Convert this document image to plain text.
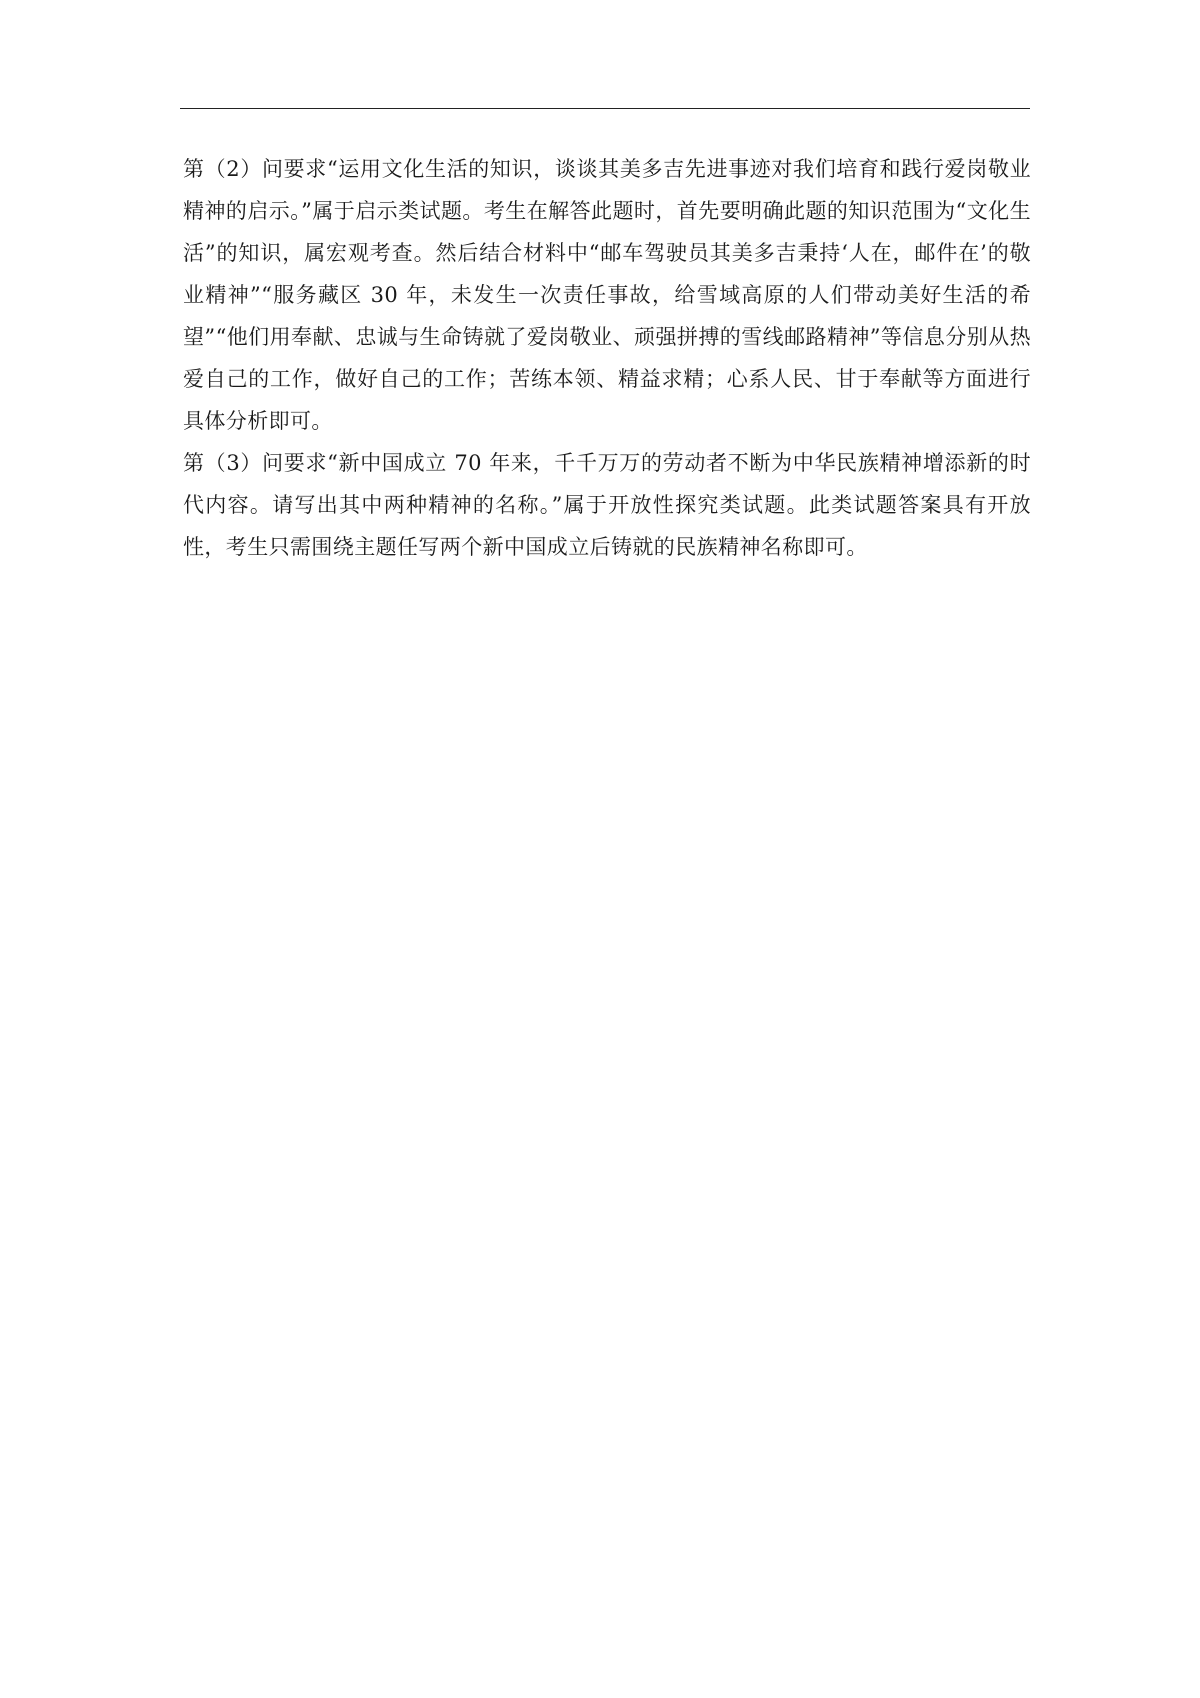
第（2）问要求“运用文化生活的知识，谈谈其美多吉先进事迹对我们培育和践行爱岗敬业精神的启示。”属于启示类试题。考生在解答此题时，首先要明确此题的知识范围为“文化生活”的知识，属宏观考查。然后结合材料中“邮车驾驶员其美多吉秉持‘人在，邮件在’的敬业精神”“服务藏区 30 年，未发生一次责任事故，给雪域高原的人们带动美好生活的希望”“他们用奉献、忠诚与生命铸就了爱岗敬业、顽强拼搏的雪线邮路精神”等信息分别从热爱自己的工作，做好自己的工作；苦练本领、精益求精；心系人民、甘于奉献等方面进行具体分析即可。

第（3）问要求“新中国成立 70 年来，千千万万的劳动者不断为中华民族精神增添新的时代内容。请写出其中两种精神的名称。”属于开放性探究类试题。此类试题答案具有开放性，考生只需围绕主题任写两个新中国成立后铸就的民族精神名称即可。
